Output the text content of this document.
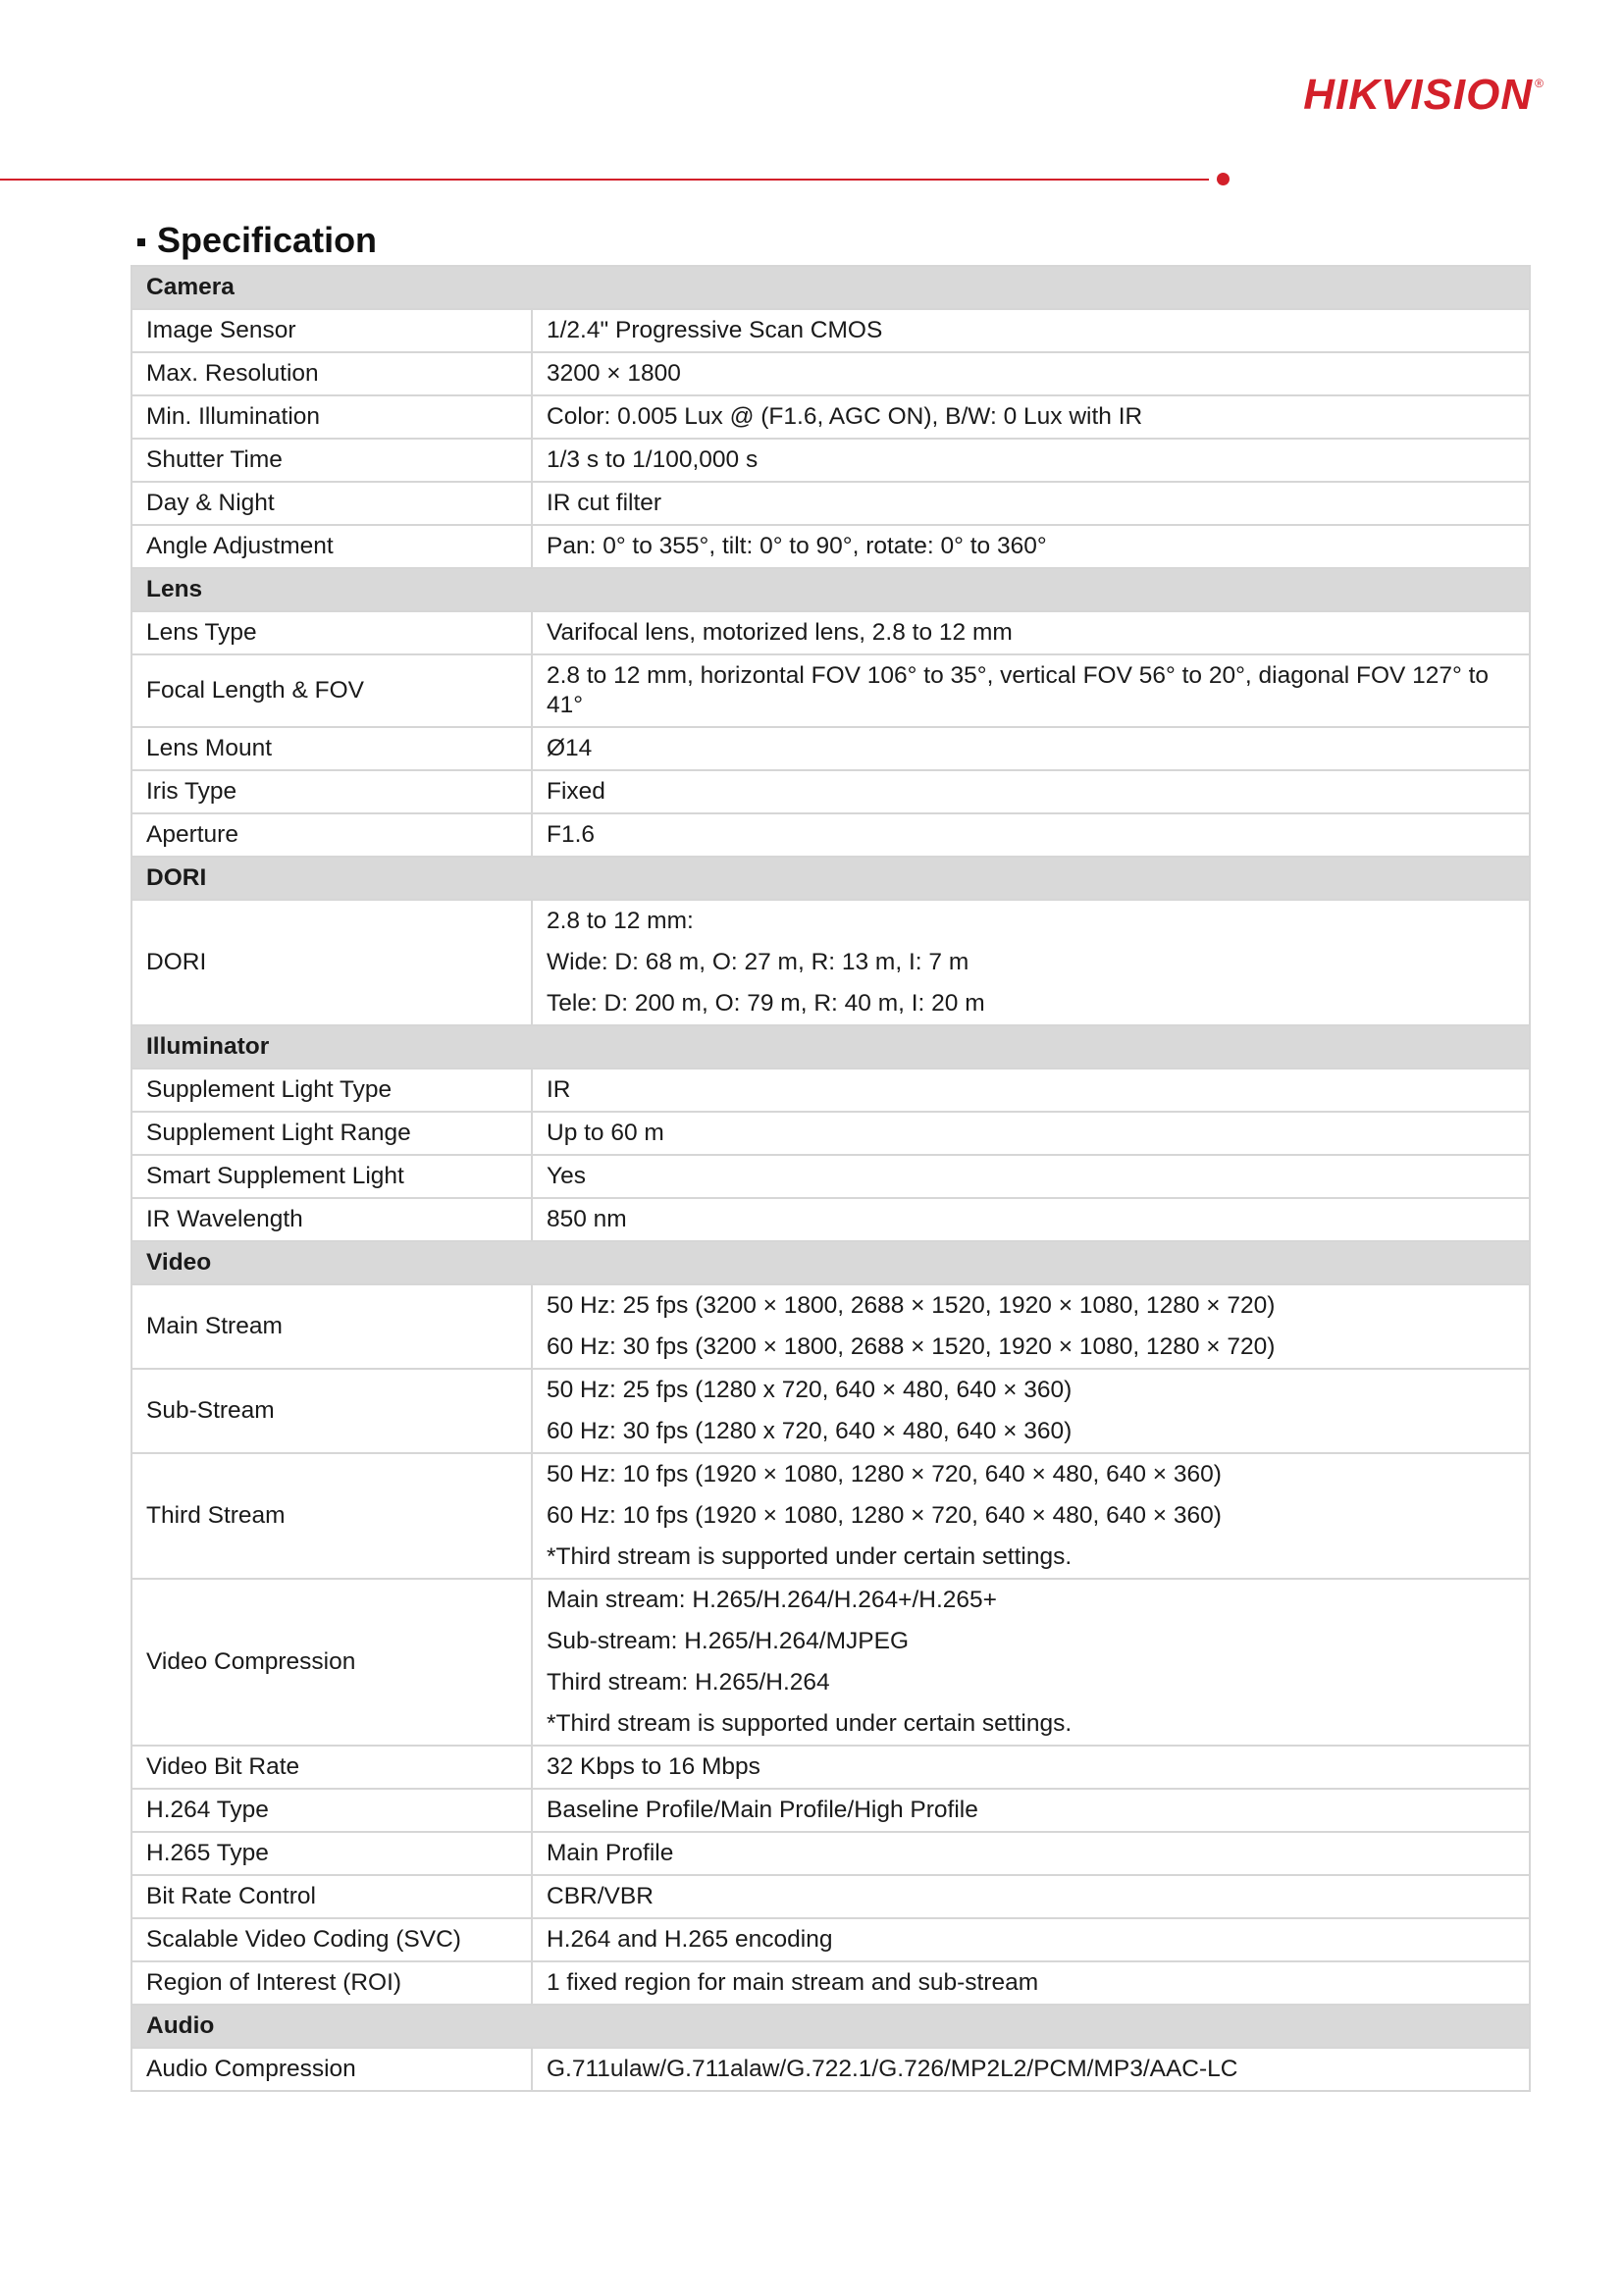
HIKVISION ®
Specification
Camera	
Image Sensor	1/2.4" Progressive Scan CMOS

Max. Resolution	3200 × 1800

Min. Illumination	Color: 0.005 Lux @ (F1.6, AGC ON), B/W: 0 Lux with IR

Shutter Time	1/3 s to 1/100,000 s

Day & Night	IR cut filter

Angle Adjustment	Pan: 0° to 355°, tilt: 0° to 90°, rotate: 0° to 360°

Lens	
Lens Type	Varifocal lens, motorized lens, 2.8 to 12 mm

Focal Length & FOV	2.8 to 12 mm, horizontal FOV 106° to 35°, vertical FOV 56° to 20°, diagonal FOV 127° to 41°

Lens Mount	Ø14

Iris Type	Fixed

Aperture	F1.6

DORI	
DORI	2.8 to 12 mm:
Wide: D: 68 m, O: 27 m, R: 13 m, I: 7 m
Tele: D: 200 m, O: 79 m, R: 40 m, I: 20 m

Illuminator	
Supplement Light Type	IR

Supplement Light Range	Up to 60 m

Smart Supplement Light	Yes

IR Wavelength	850 nm

Video	
Main Stream	50 Hz: 25 fps (3200 × 1800, 2688 × 1520, 1920 × 1080, 1280 × 720)
60 Hz: 30 fps (3200 × 1800, 2688 × 1520, 1920 × 1080, 1280 × 720)

Sub-Stream	50 Hz: 25 fps (1280 x 720, 640 × 480, 640 × 360)
60 Hz: 30 fps (1280 x 720, 640 × 480, 640 × 360)

Third Stream	50 Hz: 10 fps (1920 × 1080, 1280 × 720, 640 × 480, 640 × 360)
60 Hz: 10 fps (1920 × 1080, 1280 × 720, 640 × 480, 640 × 360)
*Third stream is supported under certain settings.

Video Compression	Main stream: H.265/H.264/H.264+/H.265+
Sub-stream: H.265/H.264/MJPEG
Third stream: H.265/H.264
*Third stream is supported under certain settings.

Video Bit Rate	32 Kbps to 16 Mbps

H.264 Type	Baseline Profile/Main Profile/High Profile

H.265 Type	Main Profile

Bit Rate Control	CBR/VBR

Scalable Video Coding (SVC)	H.264 and H.265 encoding

Region of Interest (ROI)	1 fixed region for main stream and sub-stream

Audio	
Audio Compression	G.711ulaw/G.711alaw/G.722.1/G.726/MP2L2/PCM/MP3/AAC-LC
